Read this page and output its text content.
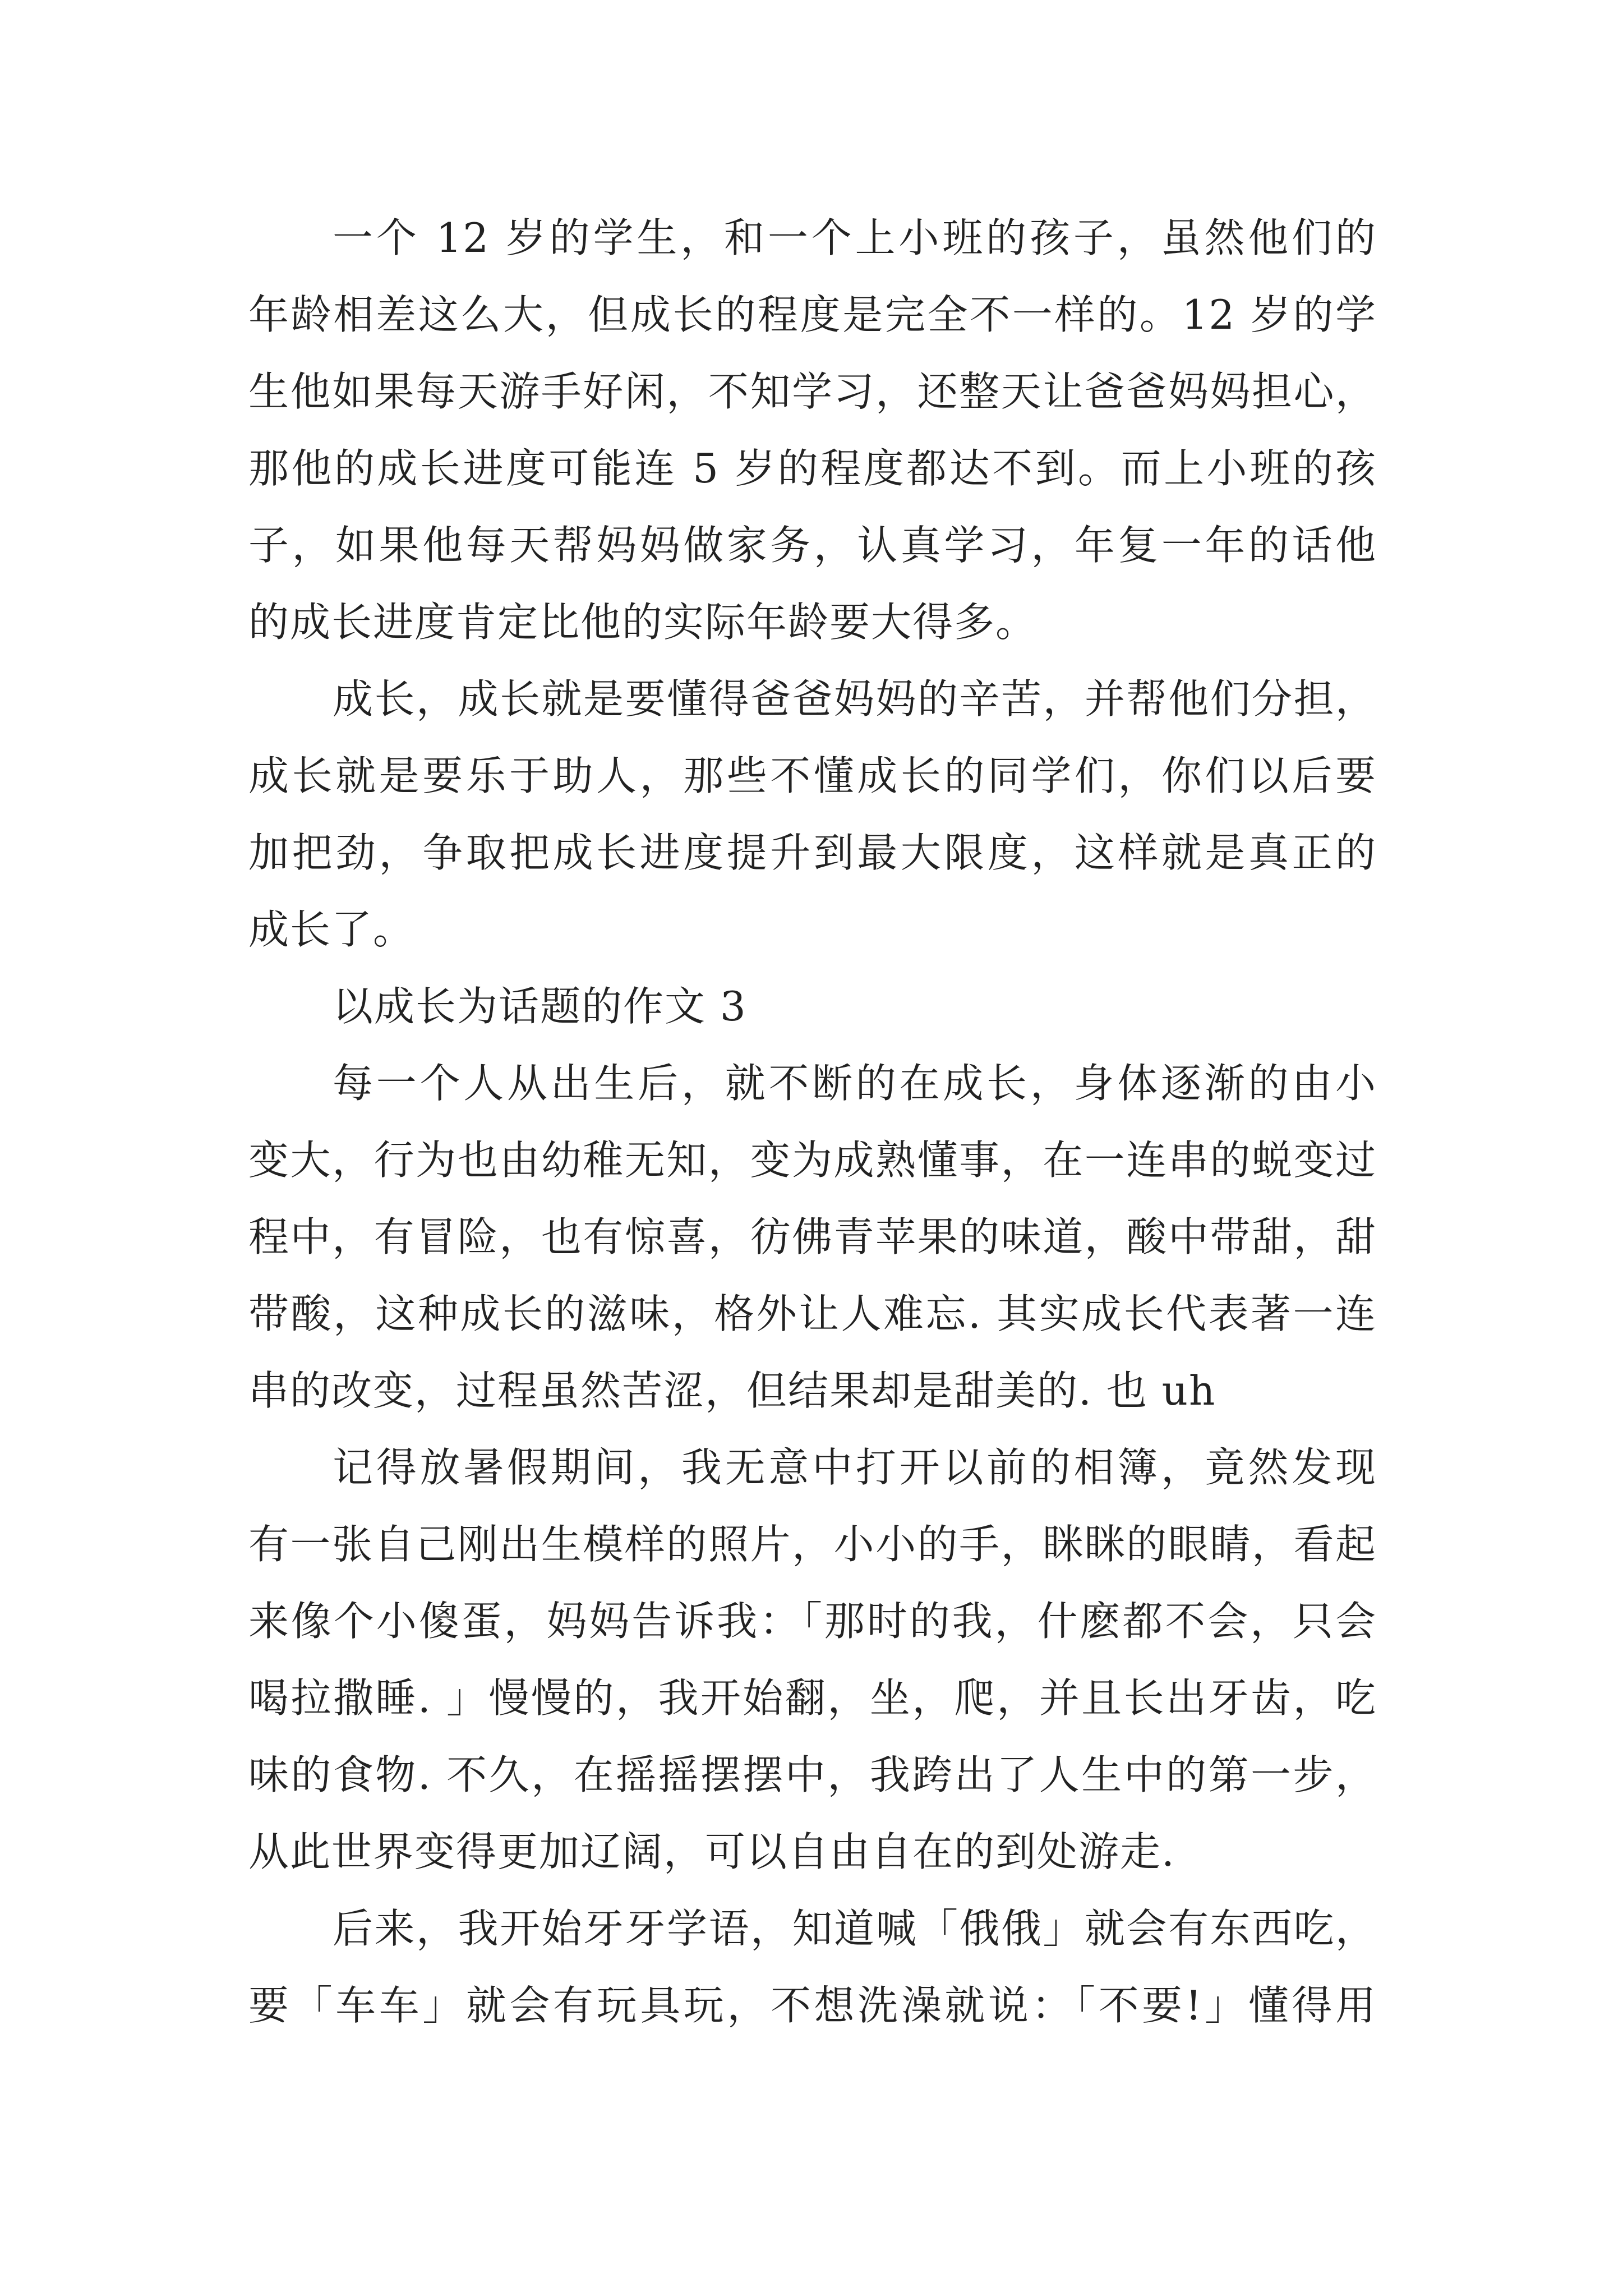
一个 12 岁的学生，和一个上小班的孩子，虽然他们的
年龄相差这么大，但成长的程度是完全不一样的。12 岁的学
生他如果每天游手好闲，不知学习，还整天让爸爸妈妈担心，
那他的成长进度可能连 5 岁的程度都达不到。而上小班的孩
子，如果他每天帮妈妈做家务，认真学习，年复一年的话他
的成长进度肯定比他的实际年龄要大得多。
成长，成长就是要懂得爸爸妈妈的辛苦，并帮他们分担，
成长就是要乐于助人，那些不懂成长的同学们，你们以后要
加把劲，争取把成长进度提升到最大限度，这样就是真正的
成长了。
以成长为话题的作文 3
每一个人从出生后，就不断的在成长，身体逐渐的由小
变大，行为也由幼稚无知，变为成熟懂事，在一连串的蜕变过
程中，有冒险，也有惊喜，彷佛青苹果的味道，酸中带甜，甜
带酸，这种成长的滋味，格外让人难忘. 其实成长代表著一连
串的改变，过程虽然苦涩，但结果却是甜美的. 也 uh
记得放暑假期间，我无意中打开以前的相簿，竟然发现
有一张自己刚出生模样的照片，小小的手，眯眯的眼睛，看起
来像个小傻蛋，妈妈告诉我：「那时的我，什麽都不会，只会
喝拉撒睡. 」慢慢的，我开始翻，坐，爬，并且长出牙齿，吃
味的食物. 不久，在摇摇摆摆中，我跨出了人生中的第一步，
从此世界变得更加辽阔，可以自由自在的到处游走.
后来，我开始牙牙学语，知道喊「俄俄」就会有东西吃，
要「车车」就会有玩具玩，不想洗澡就说：「不要!」懂得用
